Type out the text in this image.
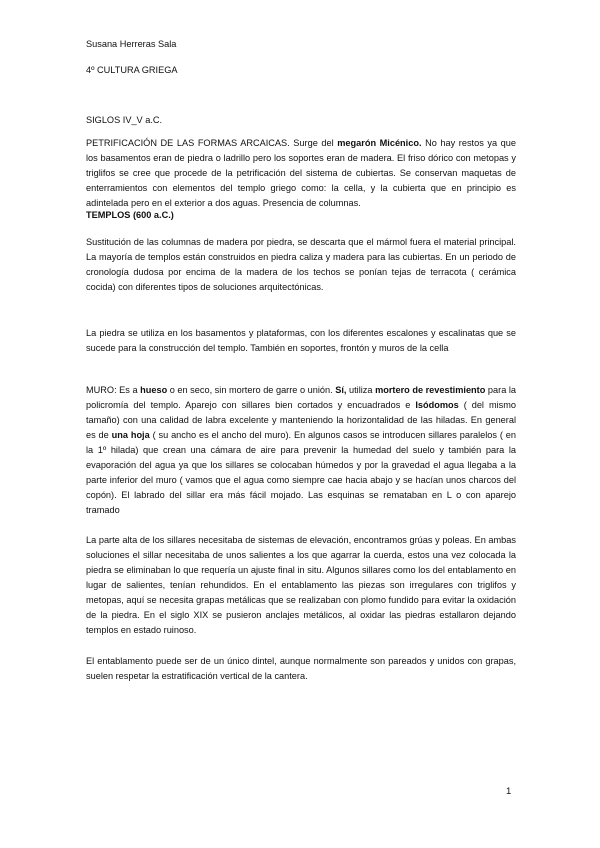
Susana Herreras Sala
4º CULTURA GRIEGA
SIGLOS IV_V a.C.

PETRIFICACIÓN DE LAS FORMAS ARCAICAS. Surge del megarón Micénico. No hay restos ya que los basamentos eran de piedra o ladrillo pero los soportes eran de madera. El friso dórico con metopas y triglifos se cree que procede de la petrificación del sistema de cubiertas. Se conservan maquetas de enterramientos con elementos del templo griego como: la cella, y la cubierta que en principio es adintelada pero en el exterior a dos aguas. Presencia de columnas.

TEMPLOS (600 a.C.)

Sustitución de las columnas de madera por piedra, se descarta que el mármol fuera el material principal. La mayoría de templos están construidos en piedra caliza y madera para las cubiertas. En un periodo de cronología dudosa por encima de la madera de los techos se ponían tejas de terracota ( cerámica cocida) con diferentes tipos de soluciones arquitectónicas.

La piedra se utiliza en los basamentos y plataformas, con los diferentes escalones y escalinatas que se sucede para la construcción del templo. También en soportes, frontón y muros de la cella

MURO: Es a hueso o en seco, sin mortero de garre o unión. Sí, utiliza mortero de revestimiento para la policromía del templo. Aparejo con sillares bien cortados y encuadrados e Isódomos ( del mismo tamaño) con una calidad de labra excelente y manteniendo la horizontalidad de las hiladas. En general es de una hoja ( su ancho es el ancho del muro). En algunos casos se introducen sillares paralelos ( en la 1º hilada) que crean una cámara de aire para prevenir la humedad del suelo y también para la evaporación del agua ya que los sillares se colocaban húmedos y por la gravedad el agua llegaba a la parte inferior del muro ( vamos que el agua como siempre cae hacia abajo y se hacían unos charcos del copón). El labrado del sillar era más fácil mojado. Las esquinas se remataban en L o con aparejo tramado

La parte alta de los sillares necesitaba de sistemas de elevación, encontramos grúas y poleas. En ambas soluciones el sillar necesitaba de unos salientes a los que agarrar la cuerda, estos una vez colocada la piedra se eliminaban lo que requería un ajuste final in situ. Algunos sillares como los del entablamento en lugar de salientes, tenían rehundidos. En el entablamento las piezas son irregulares con triglifos y metopas, aquí se necesita grapas metálicas que se realizaban con plomo fundido para evitar la oxidación de la piedra. En el siglo XIX se pusieron anclajes metálicos, al oxidar las piedras estallaron dejando templos en estado ruinoso.

El entablamento puede ser de un único dintel, aunque normalmente son pareados y unidos con grapas, suelen respetar la estratificación vertical de la cantera.

1
